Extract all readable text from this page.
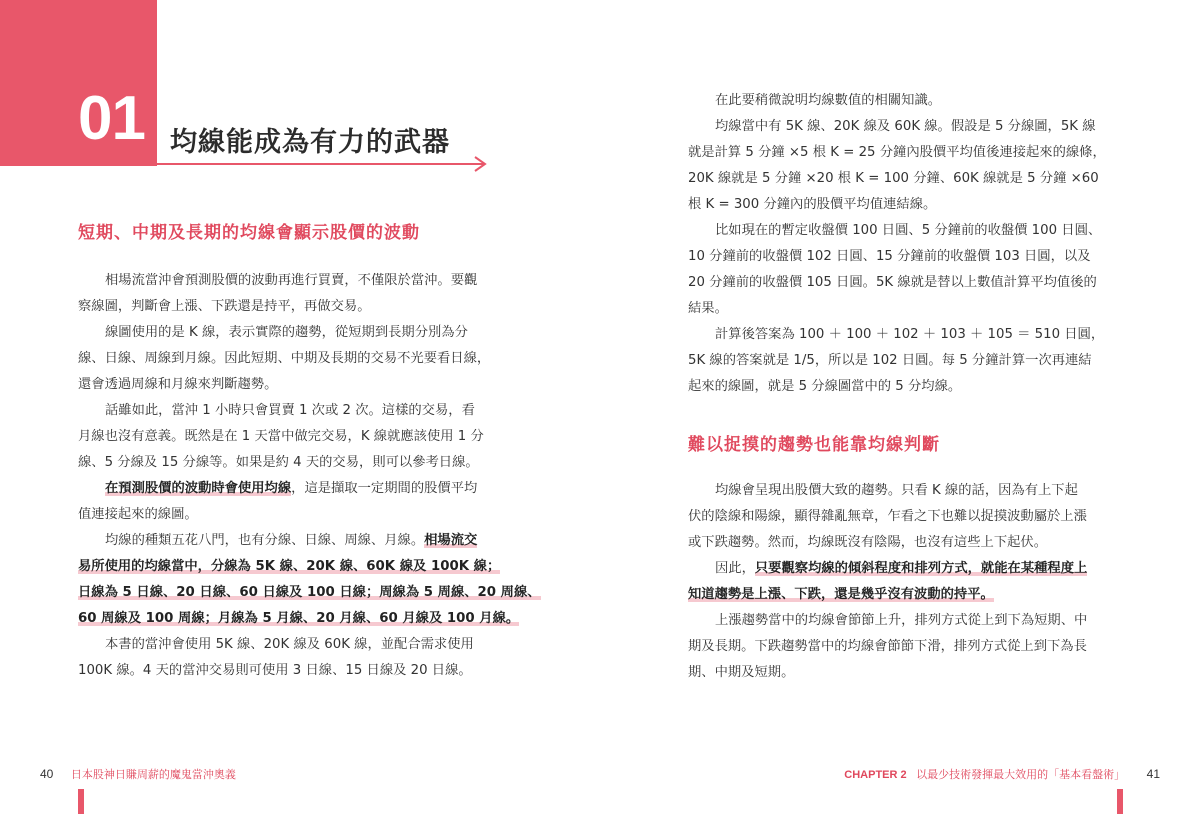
01 均線能成為有力的武器
短期、中期及長期的均線會顯示股價的波動
相場流當沖會預測股價的波動再進行買賣，不僅限於當沖。要觀
察線圖，判斷會上漲、下跌還是持平，再做交易。
線圖使用的是 K 線，表示實際的趨勢，從短期到長期分別為分
線、日線、周線到月線。因此短期、中期及長期的交易不光要看日線，
還會透過周線和月線來判斷趨勢。
話雖如此，當沖 1 小時只會買賣 1 次或 2 次。這樣的交易，看
月線也沒有意義。既然是在 1 天當中做完交易，K 線就應該使用 1 分
線、5 分線及 15 分線等。如果是約 4 天的交易，則可以參考日線。
在預測股價的波動時會使用均線，這是擷取一定期間的股價平均
值連接起來的線圖。
均線的種類五花八門，也有分線、日線、周線、月線。相場流交
易所使用的均線當中，分線為 5K 線、20K 線、60K 線及 100K 線；
日線為 5 日線、20 日線、60 日線及 100 日線；周線為 5 周線、20 周線、
60 周線及 100 周線；月線為 5 月線、20 月線、60 月線及 100 月線。
本書的當沖會使用 5K 線、20K 線及 60K 線，並配合需求使用
100K 線。4 天的當沖交易則可使用 3 日線、15 日線及 20 日線。
40 日本股神日賺周薪的魔鬼當沖奧義
在此要稍微說明均線數值的相關知識。
均線當中有 5K 線、20K 線及 60K 線。假設是 5 分線圖，5K 線
就是計算 5 分鐘 ×5 根 K = 25 分鐘內股價平均值後連接起來的線條，
20K 線就是 5 分鐘 ×20 根 K = 100 分鐘、60K 線就是 5 分鐘 ×60
根 K = 300 分鐘內的股價平均值連結線。
比如現在的暫定收盤價 100 日圓、5 分鐘前的收盤價 100 日圓、
10 分鐘前的收盤價 102 日圓、15 分鐘前的收盤價 103 日圓，以及
20 分鐘前的收盤價 105 日圓。5K 線就是替以上數值計算平均值後的
結果。
計算後答案為 100 ＋ 100 ＋ 102 ＋ 103 ＋ 105 ＝ 510 日圓，
5K 線的答案就是 1/5，所以是 102 日圓。每 5 分鐘計算一次再連結
起來的線圖，就是 5 分線圖當中的 5 分均線。
難以捉摸的趨勢也能靠均線判斷
均線會呈現出股價大致的趨勢。只看 K 線的話，因為有上下起
伏的陰線和陽線，顯得雜亂無章，乍看之下也難以捉摸波動屬於上漲
或下跌趨勢。然而，均線既沒有陰陽，也沒有這些上下起伏。
因此，只要觀察均線的傾斜程度和排列方式，就能在某種程度上
知道趨勢是上漲、下跌，還是幾乎沒有波動的持平。
上漲趨勢當中的均線會節節上升，排列方式從上到下為短期、中
期及長期。下跌趨勢當中的均線會節節下滑，排列方式從上到下為長
期、中期及短期。
CHAPTER 2 以最少技術發揮最大效用的「基本看盤術」 41
